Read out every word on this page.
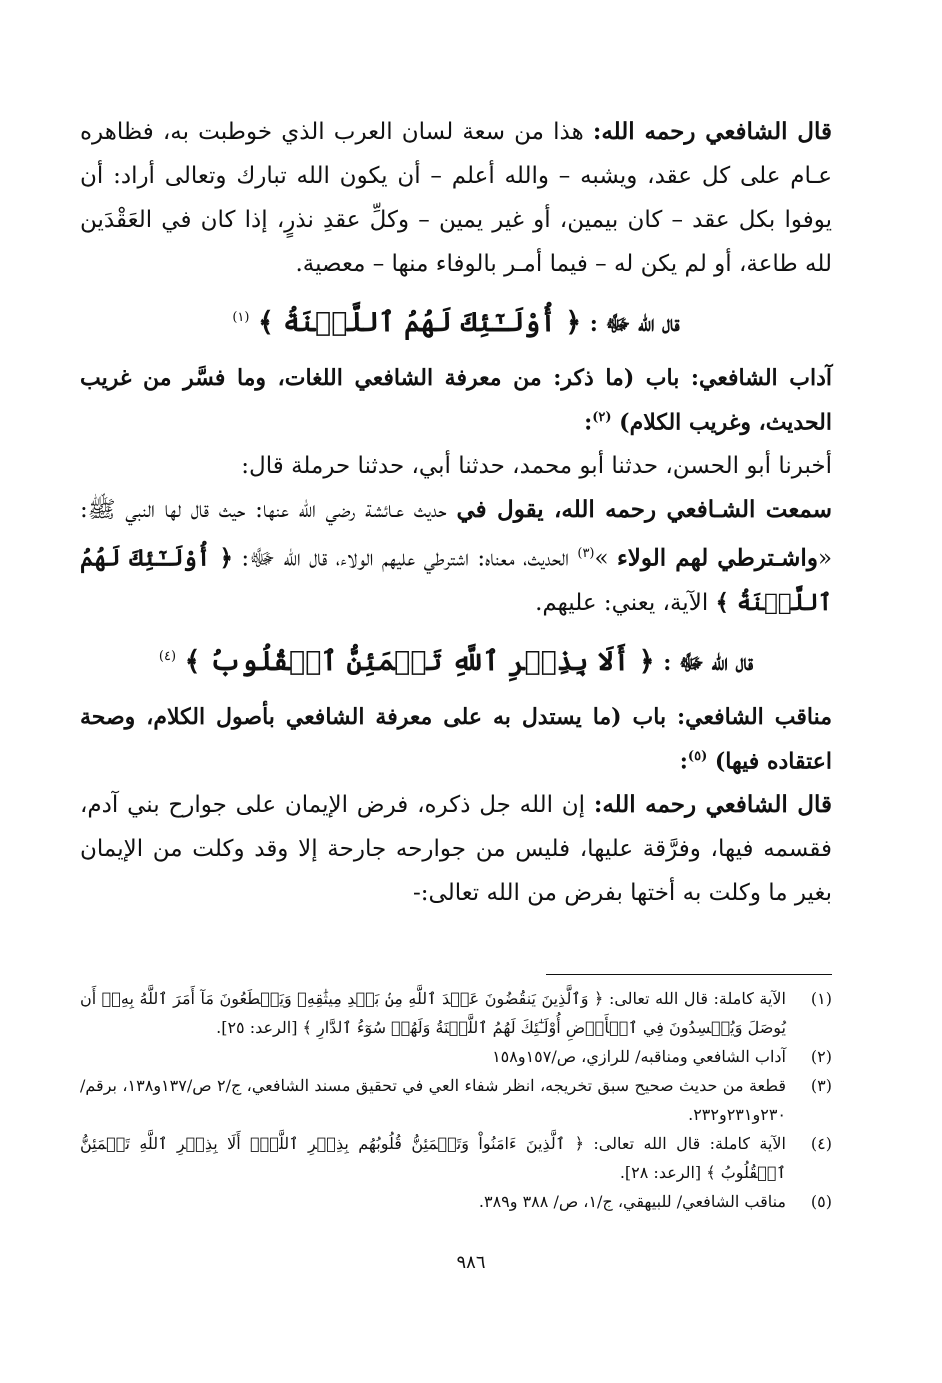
قال الشافعي رحمه الله: هذا من سعة لسان العرب الذي خوطبت به، فظاهره عـام على كل عقد، ويشبه – والله أعلم – أن يكون الله تبارك وتعالى أراد: أن يوفوا بكل عقد – كان بيمين، أو غير يمين – وكلِّ عقدِ نذرٍ، إذا كان في العَقْدَين لله طاعة، أو لم يكن له – فيما أمـر بالوفاء منها – معصية.

قال الله ﷻ : ﴿ أُوْلَـٰٓئِكَ لَهُمُ ٱللَّعۡنَةُ ﴾ $^{(١)}$

آداب الشافعي: باب (ما ذكر: من معرفة الشافعي اللغات، وما فسَّر من غريب الحديث، وغريب الكلام) $^{(٢)}$:

أخبرنا أبو الحسن، حدثنا أبو محمد، حدثنا أبي، حدثنا حرملة قال:

سمعت الشـافعي رحمه الله، يقول في حديث عـائشة رضي الله عنها: حيث قال لها النبي ﷺ: «واشـترطي لهم الولاء »$^{(٣)}$ الحديث، معناه: اشترطي عليهم الولاء، قال الله ﷻ: ﴿ أُوْلَـٰٓئِكَ لَهُمُ ٱللَّعۡنَةُ ﴾ الآية، يعني: عليهم.

قال الله ﷻ : ﴿ أَلَا بِذِكۡرِ ٱللَّهِ تَطۡمَئِنُّ ٱلۡقُلُوبُ ﴾ $^{(٤)}$

مناقب الشافعي: باب (ما يستدل به على معرفة الشافعي بأصول الكلام، وصحة اعتقاده فيها) $^{(٥)}$:

قال الشافعي رحمه الله: إن الله جل ذكره، فرض الإيمان على جوارح بني آدم، فقسمه فيها، وفرَّقة عليها، فليس من جوارحه جارحة إلا وقد وكلت من الإيمان بغير ما وكلت به أختها بفرض من الله تعالى:-

(١)
الآية كاملة: قال الله تعالى: ﴿ وَٱلَّذِينَ يَنقُضُونَ عَهۡدَ ٱللَّهِ مِنۢ بَعۡدِ مِيثَٰقِهِۦ وَيَقۡطَعُونَ مَآ أَمَرَ ٱللَّهُ بِهِۦٓ أَن يُوصَلَ وَيُفۡسِدُونَ فِي ٱلۡأَرۡضِ أُوْلَـٰٓئِكَ لَهُمُ ٱللَّعۡنَةُ وَلَهُمۡ سُوٓءُ ٱلدَّارِ ﴾ [الرعد: ٢٥].
(٢)
آداب الشافعي ومناقبه/ للرازي، ص/١٥٧و١٥٨
(٣)
قطعة من حديث صحيح سبق تخريجه، انظر شفاء العي في تحقيق مسند الشافعي، ج/٢ ص/١٣٧و١٣٨، برقم/ ٢٣٠و٢٣١و٢٣٢.
(٤)
الآية كاملة: قال الله تعالى: ﴿ ٱلَّذِينَ ءَامَنُواْ وَتَطۡمَئِنُّ قُلُوبُهُم بِذِكۡرِ ٱللَّهِۗ أَلَا بِذِكۡرِ ٱللَّهِ تَطۡمَئِنُّ ٱلۡقُلُوبُ ﴾ [الرعد: ٢٨].
(٥)
مناقب الشافعي/ للبيهقي، ج/١، ص/ ٣٨٨ و٣٨٩.
٩٨٦
